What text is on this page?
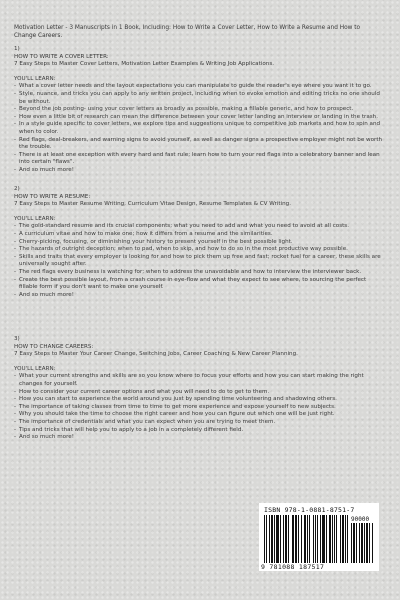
Motivation Letter - 3 Manuscripts in 1 Book, Including: How to Write a Cover Letter, How to Write a Resume and How to Change Careers.

1)

HOW TO WRITE A COVER LETTER:

7 Easy Steps to Master Cover Letters, Motivation Letter Examples & Writing Job Applications.

YOU'LL LEARN:

- What a cover letter needs and the layout expectations you can manipulate to guide the reader's eye where you want it to go.
- Style, nuance, and tricks you can apply to any written project, including when to evoke emotion and editing tricks no one should be without.
- Beyond the job posting- using your cover letters as broadly as possible, making a fillable generic, and how to prospect.
- How even a little bit of research can mean the difference between your cover letter landing an interview or landing in the trash.
- In a style guide specific to cover letters, we explore tips and suggestions unique to competitive job markets and how to spin and when to color.
- Red flags, deal-breakers, and warning signs to avoid yourself, as well as danger signs a prospective employer might not be worth the trouble.
- There is at least one exception with every hard and fast rule; learn how to turn your red flags into a celebratory banner and lean into certain "flaws".
- And so much more!

2)

HOW TO WRITE A RESUME:

7 Easy Steps to Master Resume Writing, Curriculum Vitae Design, Resume Templates & CV Writing.

YOU'LL LEARN:

- The gold-standard resume and its crucial components; what you need to add and what you need to avoid at all costs.
- A curriculum vitae and how to make one; how it differs from a resume and the similarities.
- Cherry-picking, focusing, or diminishing your history to present yourself in the best possible light.
- The hazards of outright deception; when to pad, when to skip, and how to do so in the most productive way possible.
- Skills and traits that every employer is looking for and how to pick them up free and fast; rocket fuel for a career, these skills are universally sought after.
- The red flags every business is watching for; when to address the unavoidable and how to interview the interviewer back.
- Create the best possible layout, from a crash course in eye-flow and what they expect to see where, to sourcing the perfect fillable form if you don't want to make one yourself.
- And so much more!

3)

HOW TO CHANGE CAREERS:

7 Easy Steps to Master Your Career Change, Switching Jobs, Career Coaching & New Career Planning.

YOU'LL LEARN:

- What your current strengths and skills are so you know where to focus your efforts and how you can start making the right changes for yourself.
- How to consider your current career options and what you will need to do to get to them.
- How you can start to experience the world around you just by spending time volunteering and shadowing others.
- The importance of taking classes from time to time to get more experience and expose yourself to new subjects.
- Why you should take the time to choose the right career and how you can figure out which one will be just right.
- The importance of credentials and what you can expect when you are trying to meet them.
- Tips and tricks that will help you to apply to a job in a completely different field.
- And so much more!
ISBN 978-1-0881-8751-7
90000
9 781088 187517
